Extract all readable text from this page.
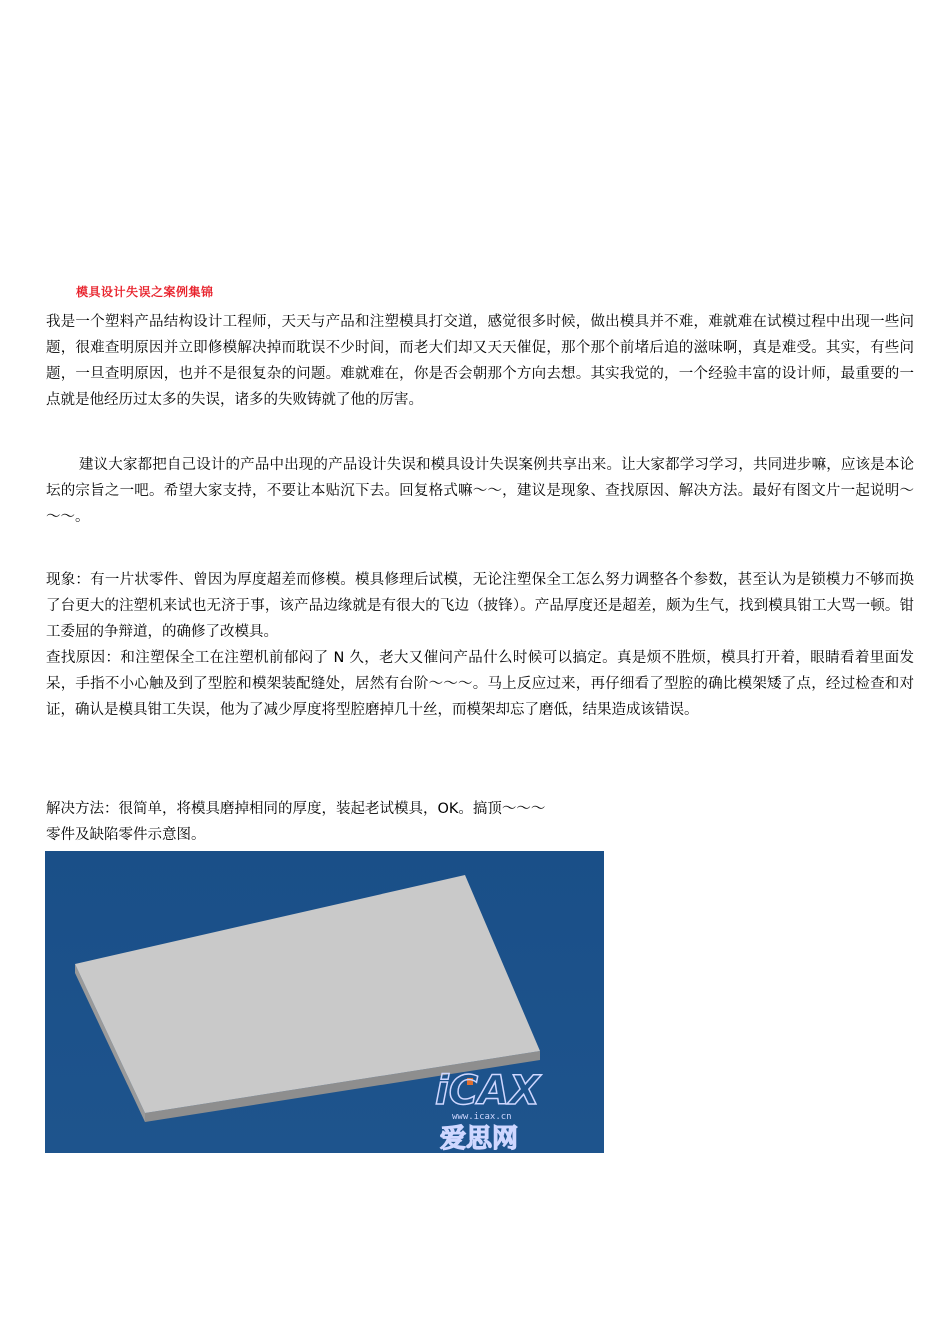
模具设计失误之案例集锦

我是一个塑料产品结构设计工程师，天天与产品和注塑模具打交道，感觉很多时候，做出模具并不难，难就难在试模过程中出现一些问题，很难查明原因并立即修模解决掉而耽误不少时间，而老大们却又天天催促，那个那个前堵后追的滋味啊，真是难受。其实，有些问题，一旦查明原因，也并不是很复杂的问题。难就难在，你是否会朝那个方向去想。其实我觉的，一个经验丰富的设计师，最重要的一点就是他经历过太多的失误，诸多的失败铸就了他的厉害。

建议大家都把自己设计的产品中出现的产品设计失误和模具设计失误案例共享出来。让大家都学习学习，共同进步嘛，应该是本论坛的宗旨之一吧。希望大家支持，不要让本贴沉下去。回复格式嘛～～，建议是现象、查找原因、解决方法。最好有图文片一起说明～～～。

现象：有一片状零件、曾因为厚度超差而修模。模具修理后试模，无论注塑保全工怎么努力调整各个参数，甚至认为是锁模力不够而换了台更大的注塑机来试也无济于事，该产品边缘就是有很大的飞边（披锋）。产品厚度还是超差，颇为生气，找到模具钳工大骂一顿。钳工委屈的争辩道，的确修了改模具。

查找原因：和注塑保全工在注塑机前郁闷了 N 久，老大又催问产品什么时候可以搞定。真是烦不胜烦，模具打开着，眼睛看着里面发呆，手指不小心触及到了型腔和模架装配缝处，居然有台阶～～～。马上反应过来，再仔细看了型腔的确比模架矮了点，经过检查和对证，确认是模具钳工失误，他为了减少厚度将型腔磨掉几十丝，而模架却忘了磨低，结果造成该错误。

解决方法：很简单，将模具磨掉相同的厚度，装起老试模具，OK。搞顶～～～

零件及缺陷零件示意图。

iCAX
www.icax.cn
爱思网
